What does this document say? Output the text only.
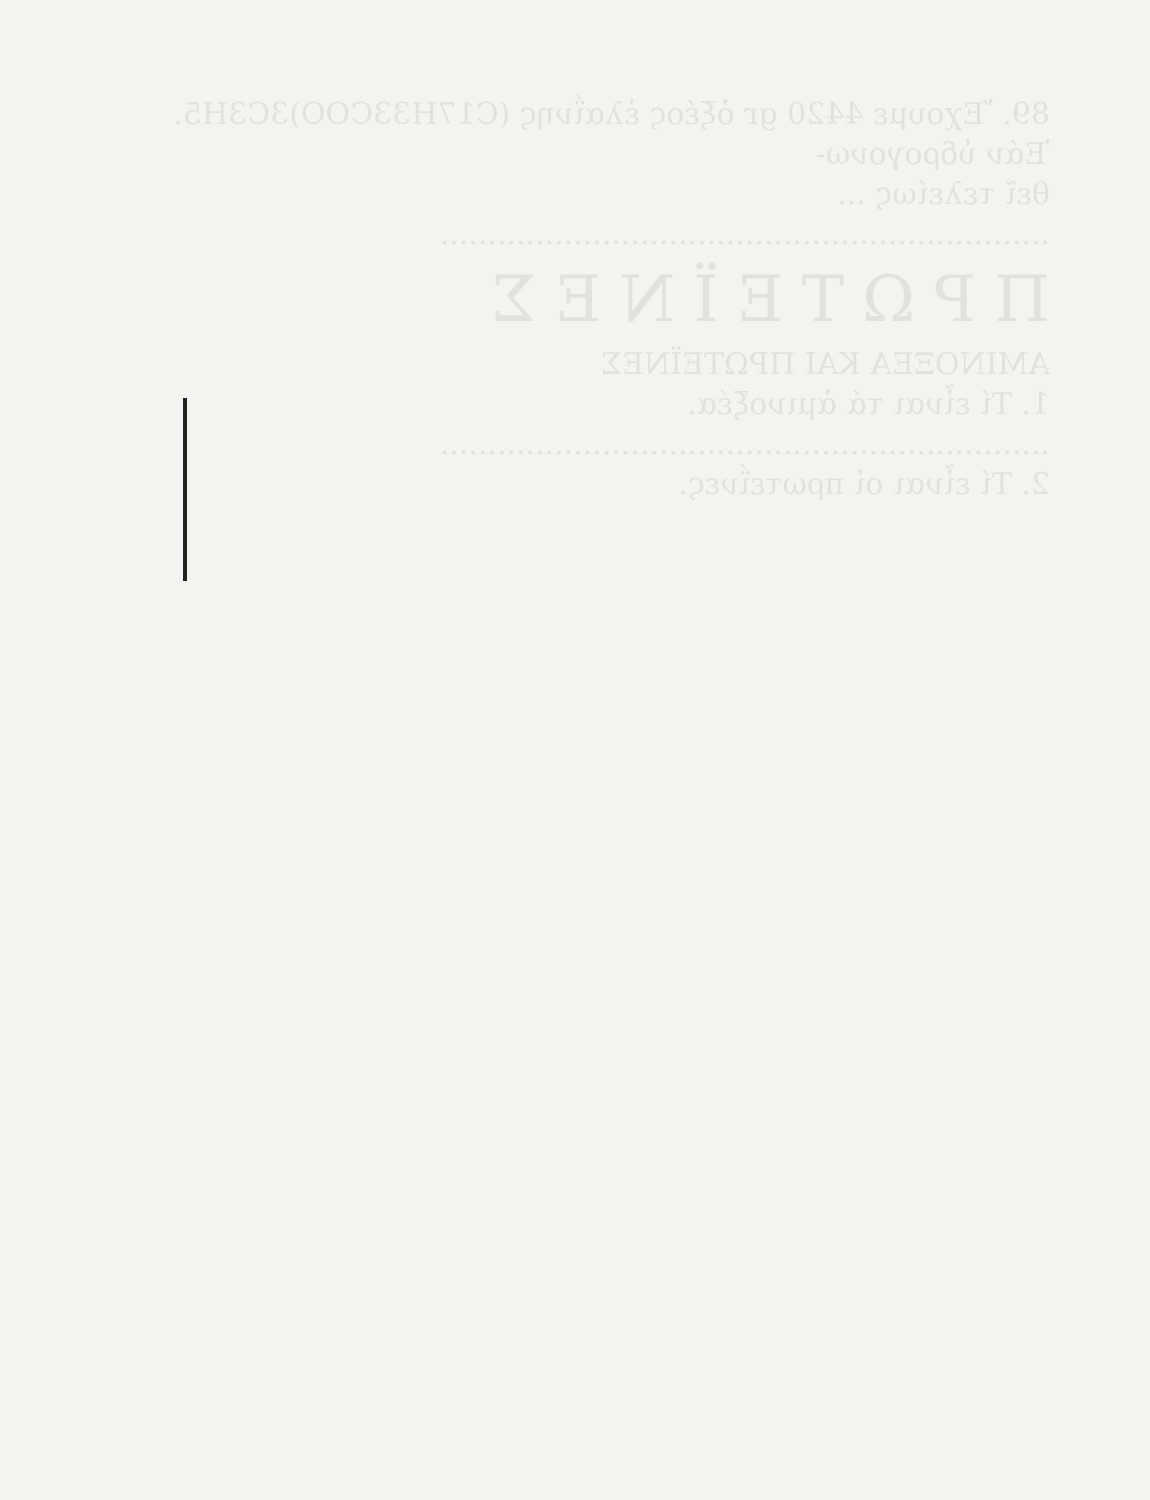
89. Ἔχουμε 4420 gr ὀξέος ἐλαΐνης (C17H33COO)3C3H5. Ἐάν ὑδρογονω-
θεῖ τελείως ...
................................................................
ΠΡΩΤΕΪΝΕΣ
ΑΜΙΝΟΞΕΑ ΚΑΙ ΠΡΩΤΕΪΝΕΣ
1. Τί εἶναι τά ἀμινοξέα.
................................................................
2. Τί εἶναι οἱ πρωτεΐνες.
